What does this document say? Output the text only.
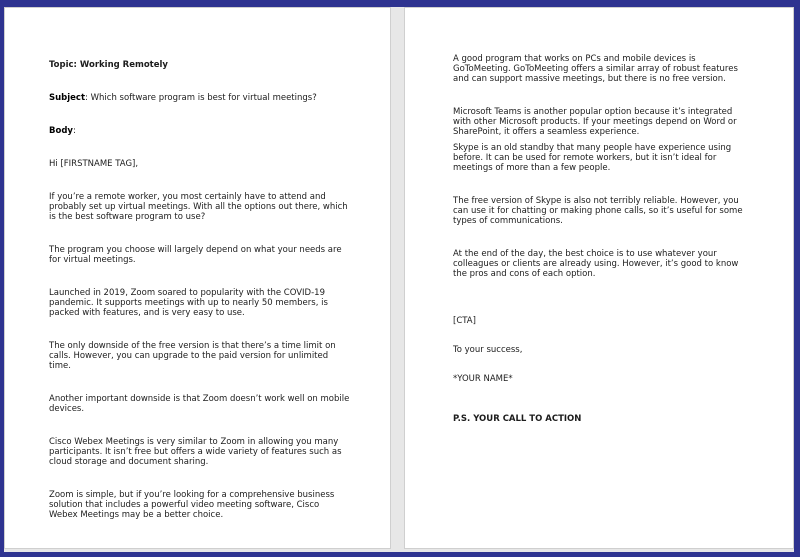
Topic: Working Remotely

Subject: Which software program is best for virtual meetings?

Body:

Hi [FIRSTNAME TAG],

If you’re a remote worker, you most certainly have to attend and probably set up virtual meetings. With all the options out there, which is the best software program to use?

The program you choose will largely depend on what your needs are for virtual meetings.

Launched in 2019, Zoom soared to popularity with the COVID-19 pandemic. It supports meetings with up to nearly 50 members, is packed with features, and is very easy to use.

The only downside of the free version is that there’s a time limit on calls. However, you can upgrade to the paid version for unlimited time.

Another important downside is that Zoom doesn’t work well on mobile devices.

Cisco Webex Meetings is very similar to Zoom in allowing you many participants. It isn’t free but offers a wide variety of features such as cloud storage and document sharing.

Zoom is simple, but if you’re looking for a comprehensive business solution that includes a powerful video meeting software, Cisco Webex Meetings may be a better choice.

A good program that works on PCs and mobile devices is GoToMeeting. GoToMeeting offers a similar array of robust features and can support massive meetings, but there is no free version.

Microsoft Teams is another popular option because it’s integrated with other Microsoft products. If your meetings depend on Word or SharePoint, it offers a seamless experience.

Skype is an old standby that many people have experience using before. It can be used for remote workers, but it isn’t ideal for meetings of more than a few people.

The free version of Skype is also not terribly reliable. However, you can use it for chatting or making phone calls, so it’s useful for some types of communications.

At the end of the day, the best choice is to use whatever your colleagues or clients are already using. However, it’s good to know the pros and cons of each option.

[CTA]

To your success,

*YOUR NAME*

P.S. YOUR CALL TO ACTION
